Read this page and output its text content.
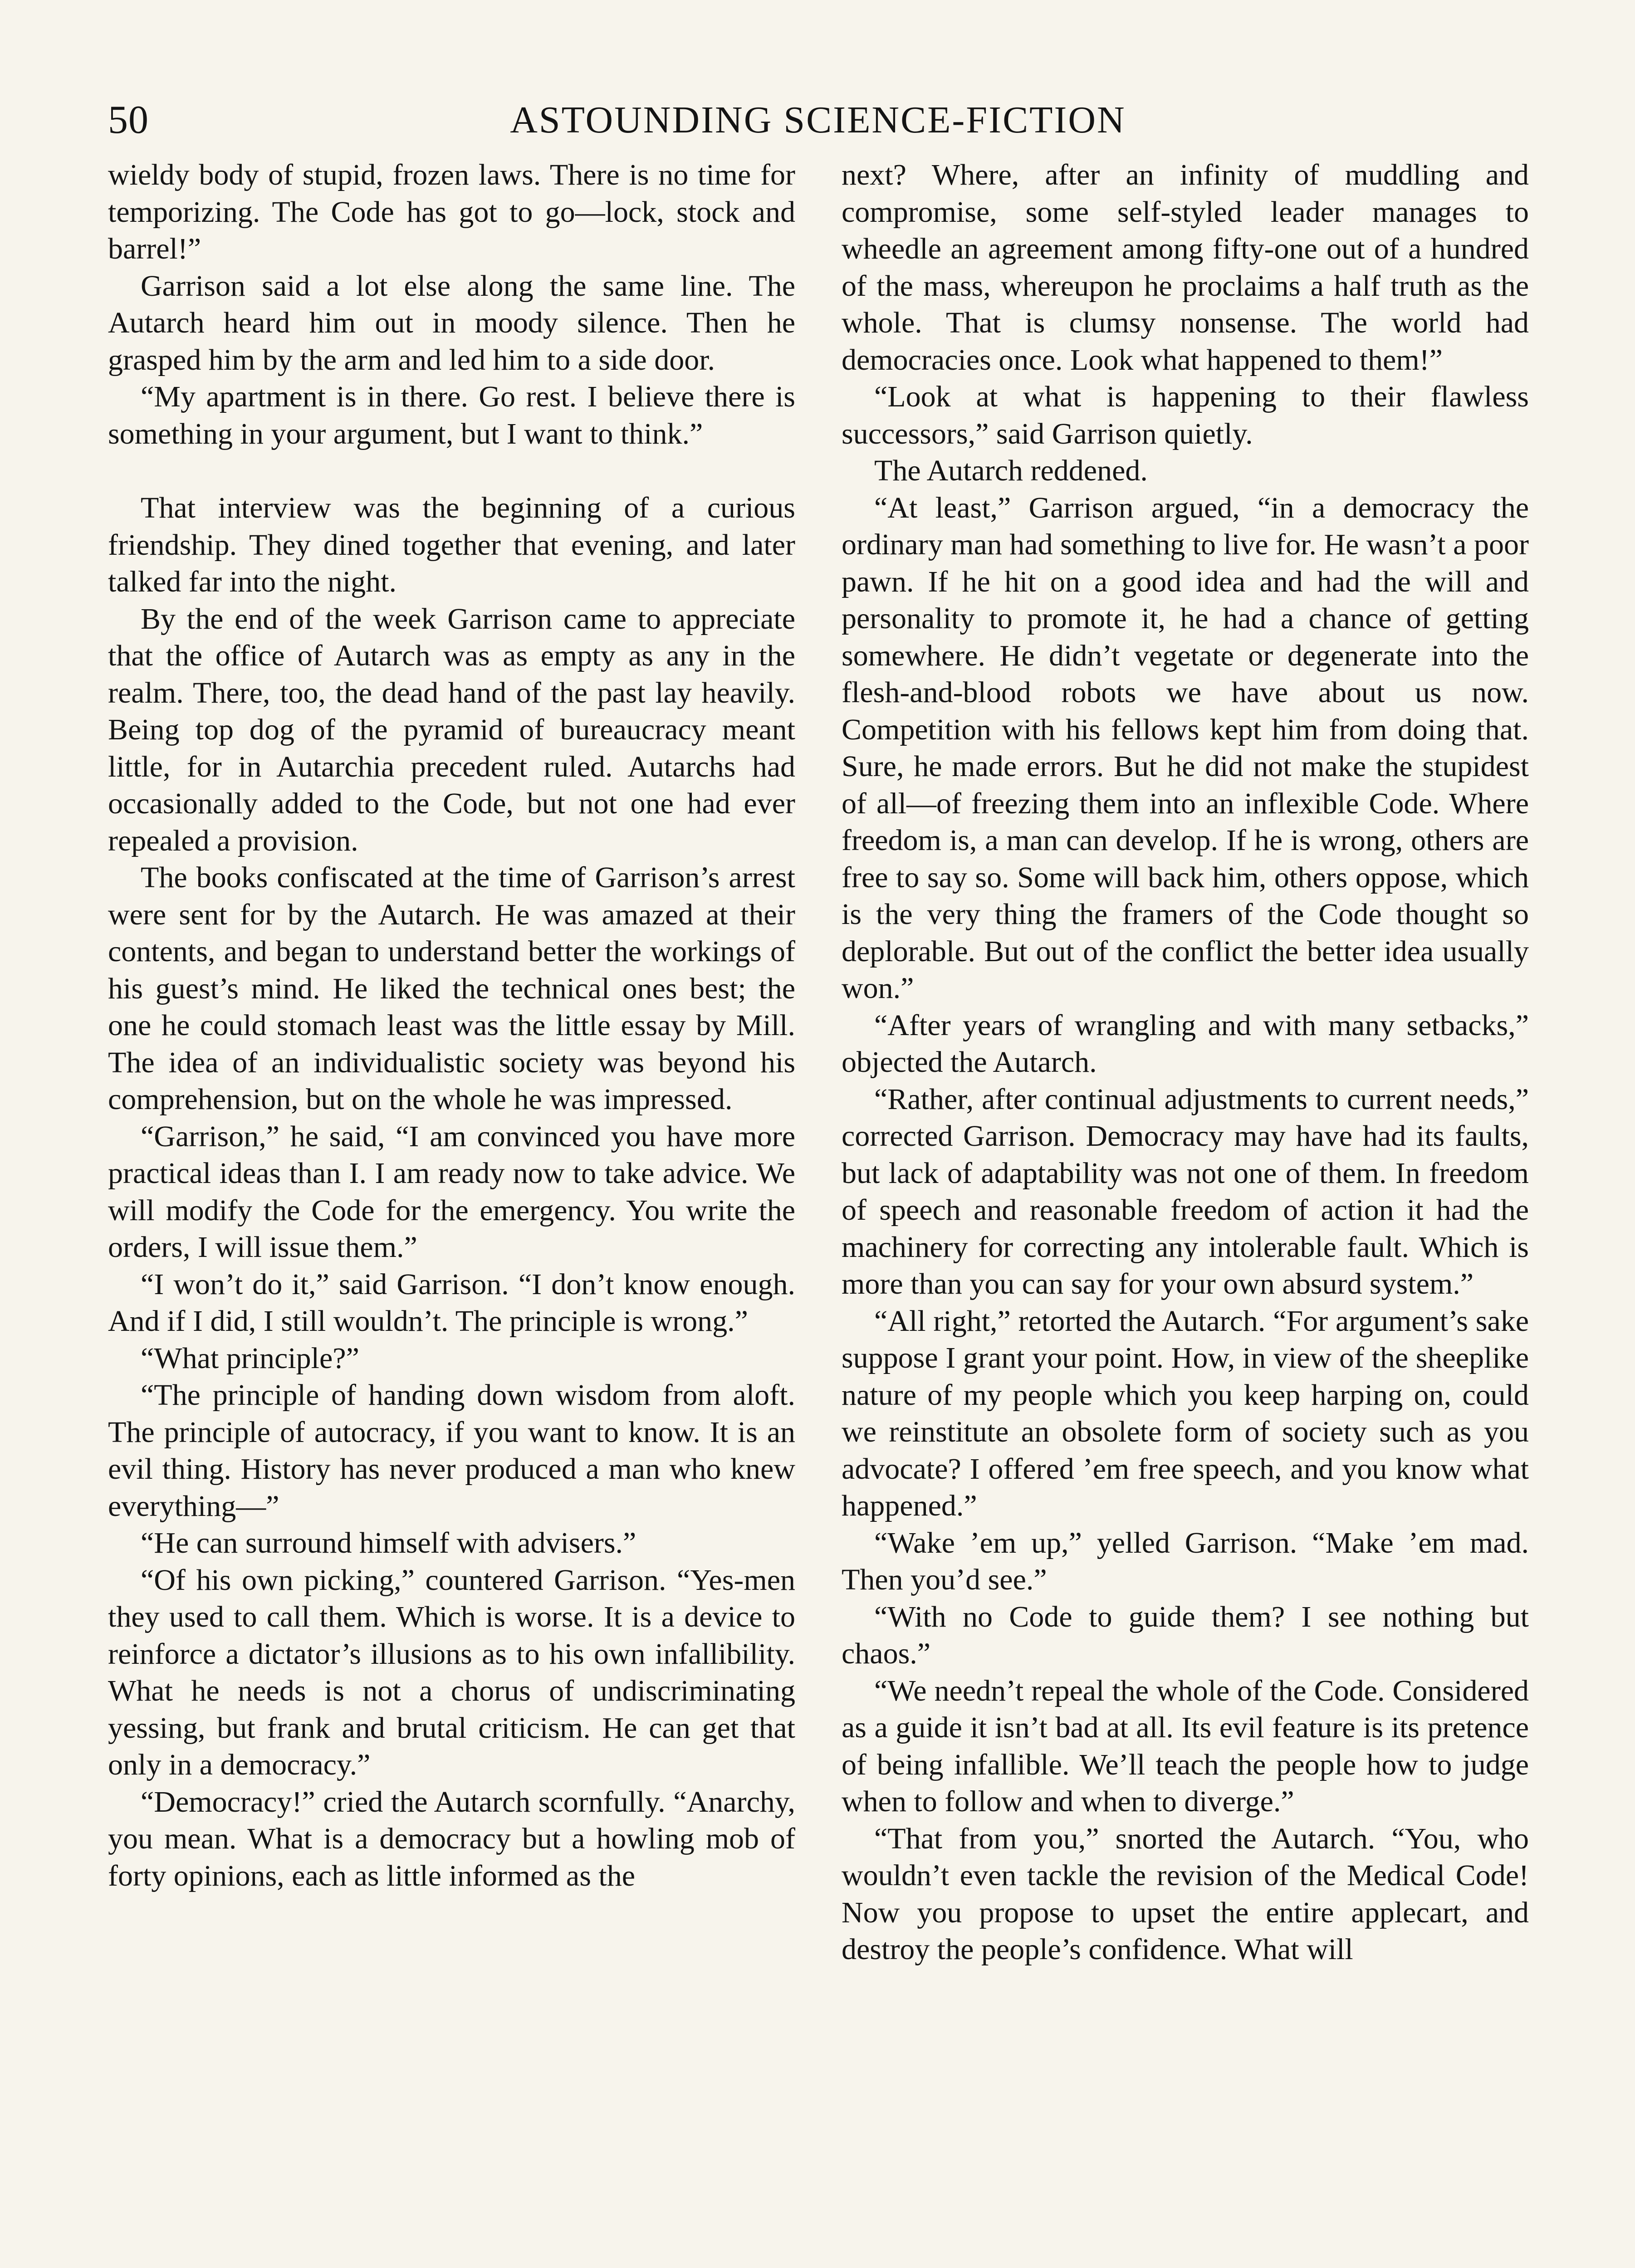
50	ASTOUNDING SCIENCE-FICTION

wieldy body of stupid, frozen laws. There is no time for temporizing. The Code has got to go—lock, stock and barrel!”

Garrison said a lot else along the same line. The Autarch heard him out in moody silence. Then he grasped him by the arm and led him to a side door.

“My apartment is in there. Go rest. I believe there is something in your argument, but I want to think.”

That interview was the beginning of a curious friendship. They dined together that evening, and later talked far into the night.

By the end of the week Garrison came to appreciate that the office of Autarch was as empty as any in the realm. There, too, the dead hand of the past lay heavily. Being top dog of the pyramid of bureaucracy meant little, for in Autarchia precedent ruled. Autarchs had occasionally added to the Code, but not one had ever repealed a provision.

The books confiscated at the time of Garrison’s arrest were sent for by the Autarch. He was amazed at their contents, and began to understand better the workings of his guest’s mind. He liked the technical ones best; the one he could stomach least was the little essay by Mill. The idea of an individualistic society was beyond his comprehension, but on the whole he was impressed.

“Garrison,” he said, “I am convinced you have more practical ideas than I. I am ready now to take advice. We will modify the Code for the emergency. You write the orders, I will issue them.”

“I won’t do it,” said Garrison. “I don’t know enough. And if I did, I still wouldn’t. The principle is wrong.”

“What principle?”

“The principle of handing down wisdom from aloft. The principle of autocracy, if you want to know. It is an evil thing. History has never produced a man who knew everything—”

“He can surround himself with advisers.”

“Of his own picking,” countered Garrison. “Yes-men they used to call them. Which is worse. It is a device to reinforce a dictator’s illusions as to his own infallibility. What he needs is not a chorus of undiscriminating yessing, but frank and brutal criticism. He can get that only in a democracy.”

“Democracy!” cried the Autarch scornfully. “Anarchy, you mean. What is a democracy but a howling mob of forty opinions, each as little informed as the

next? Where, after an infinity of muddling and compromise, some self-styled leader manages to wheedle an agreement among fifty-one out of a hundred of the mass, whereupon he proclaims a half truth as the whole. That is clumsy nonsense. The world had democracies once. Look what happened to them!”

“Look at what is happening to their flawless successors,” said Garrison quietly.

The Autarch reddened.

“At least,” Garrison argued, “in a democracy the ordinary man had something to live for. He wasn’t a poor pawn. If he hit on a good idea and had the will and personality to promote it, he had a chance of getting somewhere. He didn’t vegetate or degenerate into the flesh-and-blood robots we have about us now. Competition with his fellows kept him from doing that. Sure, he made errors. But he did not make the stupidest of all—of freezing them into an inflexible Code. Where freedom is, a man can develop. If he is wrong, others are free to say so. Some will back him, others oppose, which is the very thing the framers of the Code thought so deplorable. But out of the conflict the better idea usually won.”

“After years of wrangling and with many setbacks,” objected the Autarch.

“Rather, after continual adjustments to current needs,” corrected Garrison. Democracy may have had its faults, but lack of adaptability was not one of them. In freedom of speech and reasonable freedom of action it had the machinery for correcting any intolerable fault. Which is more than you can say for your own absurd system.”

“All right,” retorted the Autarch. “For argument’s sake suppose I grant your point. How, in view of the sheeplike nature of my people which you keep harping on, could we reinstitute an obsolete form of society such as you advocate? I offered ’em free speech, and you know what happened.”

“Wake ’em up,” yelled Garrison. “Make ’em mad. Then you’d see.”

“With no Code to guide them? I see nothing but chaos.”

“We needn’t repeal the whole of the Code. Considered as a guide it isn’t bad at all. Its evil feature is its pretence of being infallible. We’ll teach the people how to judge when to follow and when to diverge.”

“That from you,” snorted the Autarch. “You, who wouldn’t even tackle the revision of the Medical Code! Now you propose to upset the entire applecart, and destroy the people’s confidence. What will
